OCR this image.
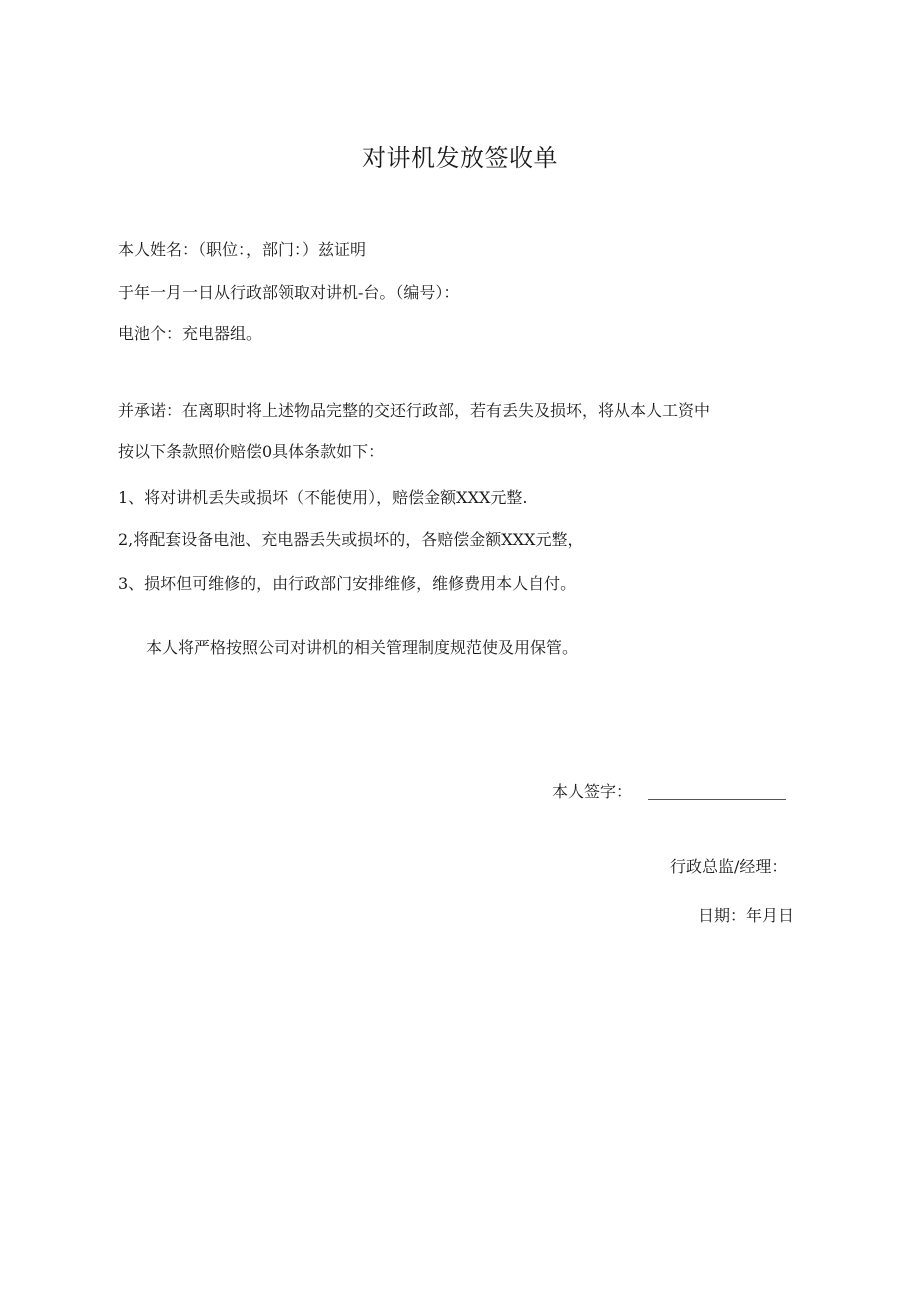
对讲机发放签收单

本人姓名：（职位：，部门：）兹证明

于年一月一日从行政部领取对讲机-台。（编号）：

电池个：充电器组。

并承诺：在离职时将上述物品完整的交还行政部，若有丢失及损坏，将从本人工资中

按以下条款照价赔偿0具体条款如下：

1、将对讲机丢失或损坏（不能使用），赔偿金额XXX元整.

2,将配套设备电池、充电器丢失或损坏的，各赔偿金额XXX元整，

3、损坏但可维修的，由行政部门安排维修，维修费用本人自付。

本人将严格按照公司对讲机的相关管理制度规范使及用保管。

本人签字：
行政总监/经理：
日期：年月日
